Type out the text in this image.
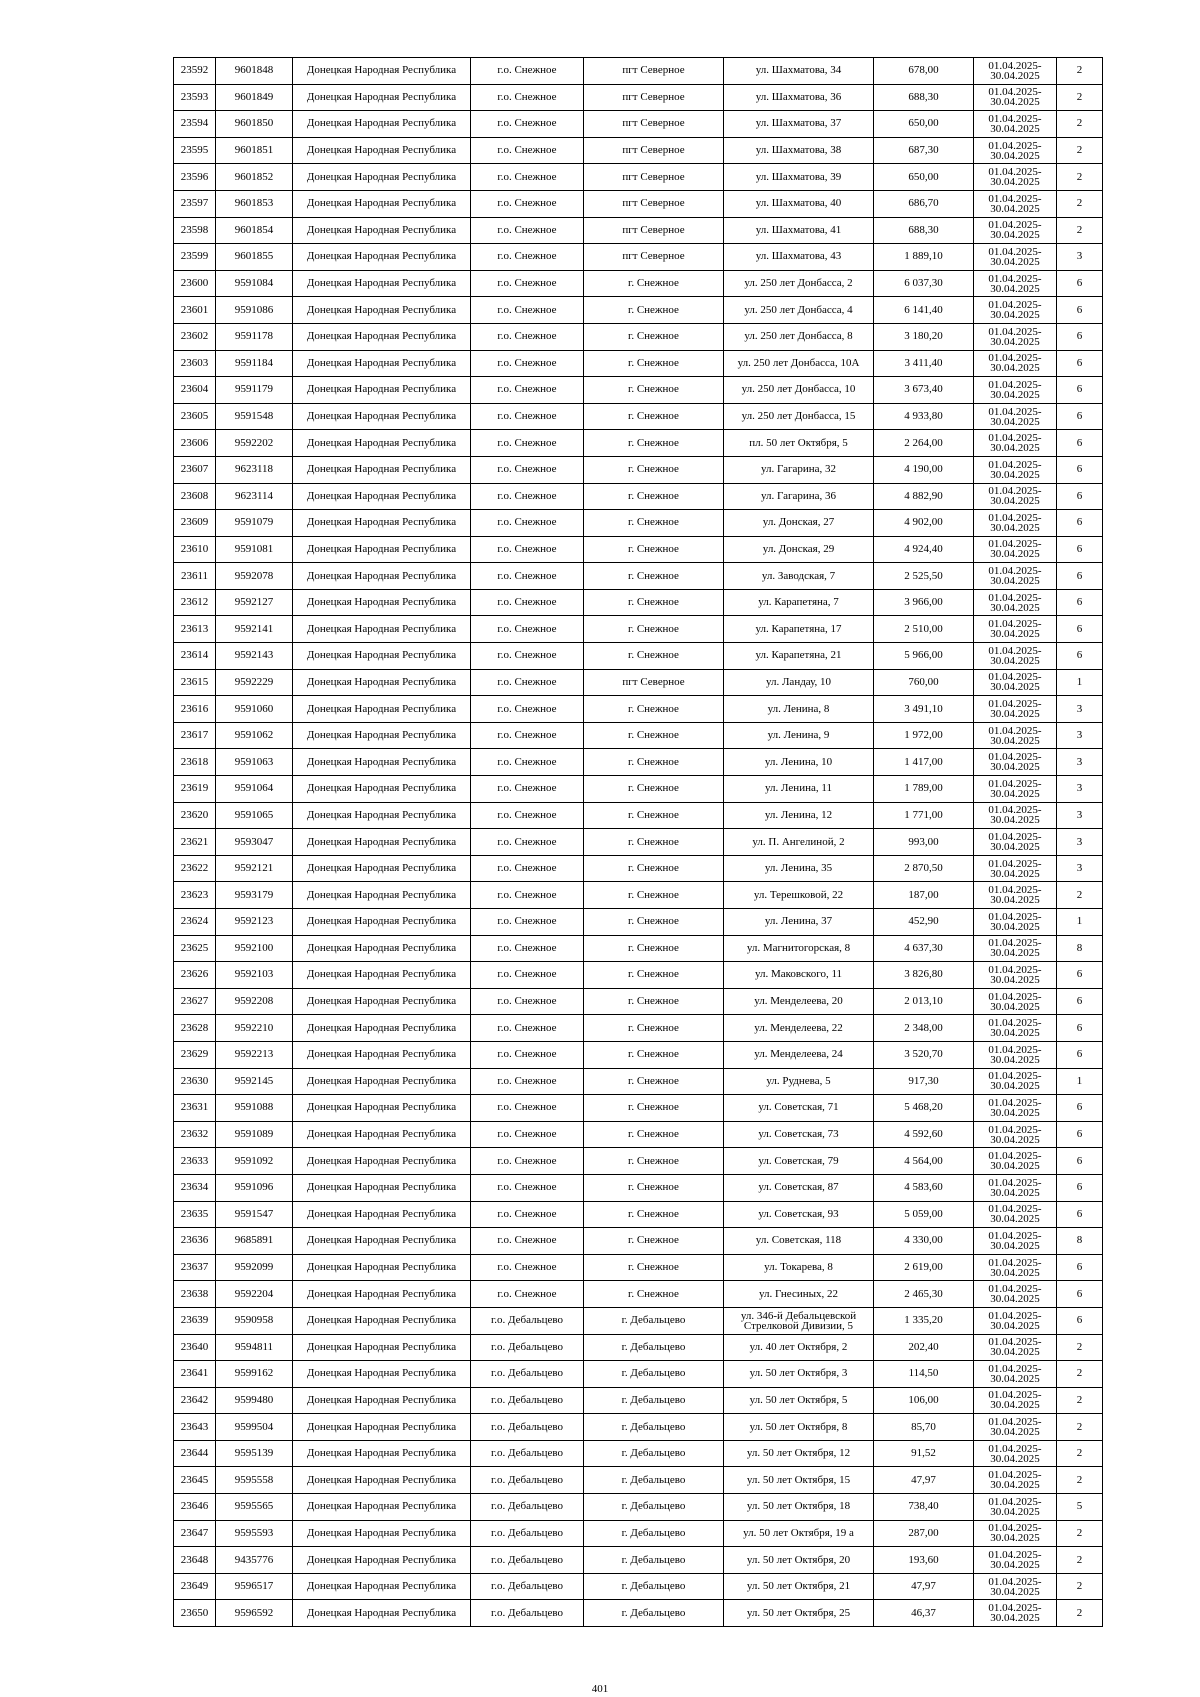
23592	9601848	Донецкая Народная Республика	г.о. Снежное	пгт Северное	ул. Шахматова, 34	678,00	01.04.2025-
30.04.2025	2
23593	9601849	Донецкая Народная Республика	г.о. Снежное	пгт Северное	ул. Шахматова, 36	688,30	01.04.2025-
30.04.2025	2
23594	9601850	Донецкая Народная Республика	г.о. Снежное	пгт Северное	ул. Шахматова, 37	650,00	01.04.2025-
30.04.2025	2
23595	9601851	Донецкая Народная Республика	г.о. Снежное	пгт Северное	ул. Шахматова, 38	687,30	01.04.2025-
30.04.2025	2
23596	9601852	Донецкая Народная Республика	г.о. Снежное	пгт Северное	ул. Шахматова, 39	650,00	01.04.2025-
30.04.2025	2
23597	9601853	Донецкая Народная Республика	г.о. Снежное	пгт Северное	ул. Шахматова, 40	686,70	01.04.2025-
30.04.2025	2
23598	9601854	Донецкая Народная Республика	г.о. Снежное	пгт Северное	ул. Шахматова, 41	688,30	01.04.2025-
30.04.2025	2
23599	9601855	Донецкая Народная Республика	г.о. Снежное	пгт Северное	ул. Шахматова, 43	1 889,10	01.04.2025-
30.04.2025	3
23600	9591084	Донецкая Народная Республика	г.о. Снежное	г. Снежное	ул. 250 лет Донбасса, 2	6 037,30	01.04.2025-
30.04.2025	6
23601	9591086	Донецкая Народная Республика	г.о. Снежное	г. Снежное	ул. 250 лет Донбасса, 4	6 141,40	01.04.2025-
30.04.2025	6
23602	9591178	Донецкая Народная Республика	г.о. Снежное	г. Снежное	ул. 250 лет Донбасса, 8	3 180,20	01.04.2025-
30.04.2025	6
23603	9591184	Донецкая Народная Республика	г.о. Снежное	г. Снежное	ул. 250 лет Донбасса, 10А	3 411,40	01.04.2025-
30.04.2025	6
23604	9591179	Донецкая Народная Республика	г.о. Снежное	г. Снежное	ул. 250 лет Донбасса, 10	3 673,40	01.04.2025-
30.04.2025	6
23605	9591548	Донецкая Народная Республика	г.о. Снежное	г. Снежное	ул. 250 лет Донбасса, 15	4 933,80	01.04.2025-
30.04.2025	6
23606	9592202	Донецкая Народная Республика	г.о. Снежное	г. Снежное	пл. 50 лет Октября, 5	2 264,00	01.04.2025-
30.04.2025	6
23607	9623118	Донецкая Народная Республика	г.о. Снежное	г. Снежное	ул. Гагарина, 32	4 190,00	01.04.2025-
30.04.2025	6
23608	9623114	Донецкая Народная Республика	г.о. Снежное	г. Снежное	ул. Гагарина, 36	4 882,90	01.04.2025-
30.04.2025	6
23609	9591079	Донецкая Народная Республика	г.о. Снежное	г. Снежное	ул. Донская, 27	4 902,00	01.04.2025-
30.04.2025	6
23610	9591081	Донецкая Народная Республика	г.о. Снежное	г. Снежное	ул. Донская, 29	4 924,40	01.04.2025-
30.04.2025	6
23611	9592078	Донецкая Народная Республика	г.о. Снежное	г. Снежное	ул. Заводская, 7	2 525,50	01.04.2025-
30.04.2025	6
23612	9592127	Донецкая Народная Республика	г.о. Снежное	г. Снежное	ул. Карапетяна, 7	3 966,00	01.04.2025-
30.04.2025	6
23613	9592141	Донецкая Народная Республика	г.о. Снежное	г. Снежное	ул. Карапетяна, 17	2 510,00	01.04.2025-
30.04.2025	6
23614	9592143	Донецкая Народная Республика	г.о. Снежное	г. Снежное	ул. Карапетяна, 21	5 966,00	01.04.2025-
30.04.2025	6
23615	9592229	Донецкая Народная Республика	г.о. Снежное	пгт Северное	ул. Ландау, 10	760,00	01.04.2025-
30.04.2025	1
23616	9591060	Донецкая Народная Республика	г.о. Снежное	г. Снежное	ул. Ленина, 8	3 491,10	01.04.2025-
30.04.2025	3
23617	9591062	Донецкая Народная Республика	г.о. Снежное	г. Снежное	ул. Ленина, 9	1 972,00	01.04.2025-
30.04.2025	3
23618	9591063	Донецкая Народная Республика	г.о. Снежное	г. Снежное	ул. Ленина, 10	1 417,00	01.04.2025-
30.04.2025	3
23619	9591064	Донецкая Народная Республика	г.о. Снежное	г. Снежное	ул. Ленина, 11	1 789,00	01.04.2025-
30.04.2025	3
23620	9591065	Донецкая Народная Республика	г.о. Снежное	г. Снежное	ул. Ленина, 12	1 771,00	01.04.2025-
30.04.2025	3
23621	9593047	Донецкая Народная Республика	г.о. Снежное	г. Снежное	ул. П. Ангелиной, 2	993,00	01.04.2025-
30.04.2025	3
23622	9592121	Донецкая Народная Республика	г.о. Снежное	г. Снежное	ул. Ленина, 35	2 870,50	01.04.2025-
30.04.2025	3
23623	9593179	Донецкая Народная Республика	г.о. Снежное	г. Снежное	ул. Терешковой, 22	187,00	01.04.2025-
30.04.2025	2
23624	9592123	Донецкая Народная Республика	г.о. Снежное	г. Снежное	ул. Ленина, 37	452,90	01.04.2025-
30.04.2025	1
23625	9592100	Донецкая Народная Республика	г.о. Снежное	г. Снежное	ул. Магнитогорская, 8	4 637,30	01.04.2025-
30.04.2025	8
23626	9592103	Донецкая Народная Республика	г.о. Снежное	г. Снежное	ул. Маковского, 11	3 826,80	01.04.2025-
30.04.2025	6
23627	9592208	Донецкая Народная Республика	г.о. Снежное	г. Снежное	ул. Менделеева, 20	2 013,10	01.04.2025-
30.04.2025	6
23628	9592210	Донецкая Народная Республика	г.о. Снежное	г. Снежное	ул. Менделеева, 22	2 348,00	01.04.2025-
30.04.2025	6
23629	9592213	Донецкая Народная Республика	г.о. Снежное	г. Снежное	ул. Менделеева, 24	3 520,70	01.04.2025-
30.04.2025	6
23630	9592145	Донецкая Народная Республика	г.о. Снежное	г. Снежное	ул. Руднева, 5	917,30	01.04.2025-
30.04.2025	1
23631	9591088	Донецкая Народная Республика	г.о. Снежное	г. Снежное	ул. Советская, 71	5 468,20	01.04.2025-
30.04.2025	6
23632	9591089	Донецкая Народная Республика	г.о. Снежное	г. Снежное	ул. Советская, 73	4 592,60	01.04.2025-
30.04.2025	6
23633	9591092	Донецкая Народная Республика	г.о. Снежное	г. Снежное	ул. Советская, 79	4 564,00	01.04.2025-
30.04.2025	6
23634	9591096	Донецкая Народная Республика	г.о. Снежное	г. Снежное	ул. Советская, 87	4 583,60	01.04.2025-
30.04.2025	6
23635	9591547	Донецкая Народная Республика	г.о. Снежное	г. Снежное	ул. Советская, 93	5 059,00	01.04.2025-
30.04.2025	6
23636	9685891	Донецкая Народная Республика	г.о. Снежное	г. Снежное	ул. Советская, 118	4 330,00	01.04.2025-
30.04.2025	8
23637	9592099	Донецкая Народная Республика	г.о. Снежное	г. Снежное	ул. Токарева, 8	2 619,00	01.04.2025-
30.04.2025	6
23638	9592204	Донецкая Народная Республика	г.о. Снежное	г. Снежное	ул. Гнесиных, 22	2 465,30	01.04.2025-
30.04.2025	6
23639	9590958	Донецкая Народная Республика	г.о. Дебальцево	г. Дебальцево	ул. 346-й Дебальцевской
Стрелковой Дивизии, 5	1 335,20	01.04.2025-
30.04.2025	6
23640	9594811	Донецкая Народная Республика	г.о. Дебальцево	г. Дебальцево	ул. 40 лет Октября, 2	202,40	01.04.2025-
30.04.2025	2
23641	9599162	Донецкая Народная Республика	г.о. Дебальцево	г. Дебальцево	ул. 50 лет Октября, 3	114,50	01.04.2025-
30.04.2025	2
23642	9599480	Донецкая Народная Республика	г.о. Дебальцево	г. Дебальцево	ул. 50 лет Октября, 5	106,00	01.04.2025-
30.04.2025	2
23643	9599504	Донецкая Народная Республика	г.о. Дебальцево	г. Дебальцево	ул. 50 лет Октября, 8	85,70	01.04.2025-
30.04.2025	2
23644	9595139	Донецкая Народная Республика	г.о. Дебальцево	г. Дебальцево	ул. 50 лет Октября, 12	91,52	01.04.2025-
30.04.2025	2
23645	9595558	Донецкая Народная Республика	г.о. Дебальцево	г. Дебальцево	ул. 50 лет Октября, 15	47,97	01.04.2025-
30.04.2025	2
23646	9595565	Донецкая Народная Республика	г.о. Дебальцево	г. Дебальцево	ул. 50 лет Октября, 18	738,40	01.04.2025-
30.04.2025	5
23647	9595593	Донецкая Народная Республика	г.о. Дебальцево	г. Дебальцево	ул. 50 лет Октября, 19 а	287,00	01.04.2025-
30.04.2025	2
23648	9435776	Донецкая Народная Республика	г.о. Дебальцево	г. Дебальцево	ул. 50 лет Октября, 20	193,60	01.04.2025-
30.04.2025	2
23649	9596517	Донецкая Народная Республика	г.о. Дебальцево	г. Дебальцево	ул. 50 лет Октября, 21	47,97	01.04.2025-
30.04.2025	2
23650	9596592	Донецкая Народная Республика	г.о. Дебальцево	г. Дебальцево	ул. 50 лет Октября, 25	46,37	01.04.2025-
30.04.2025	2
401
